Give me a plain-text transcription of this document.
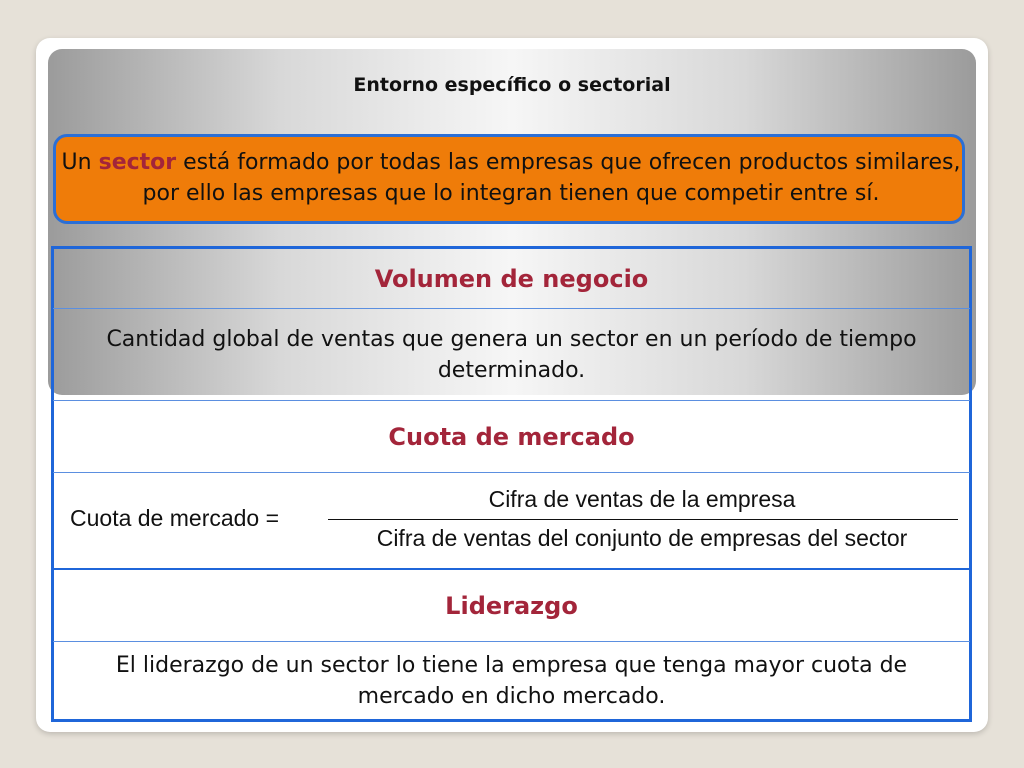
Entorno específico o sectorial

Un sector está formado por todas las empresas que ofrecen productos similares, por ello las empresas que lo integran tienen que competir entre sí.

Volumen de negocio
Cantidad global de ventas que genera un sector en un período de tiempo determinado.
Cuota de mercado
Cuota de mercado =
Cifra de ventas de la empresa
Cifra de ventas del conjunto de empresas del sector
Liderazgo
El liderazgo de un sector lo tiene la empresa que tenga mayor cuota de mercado en dicho mercado.
